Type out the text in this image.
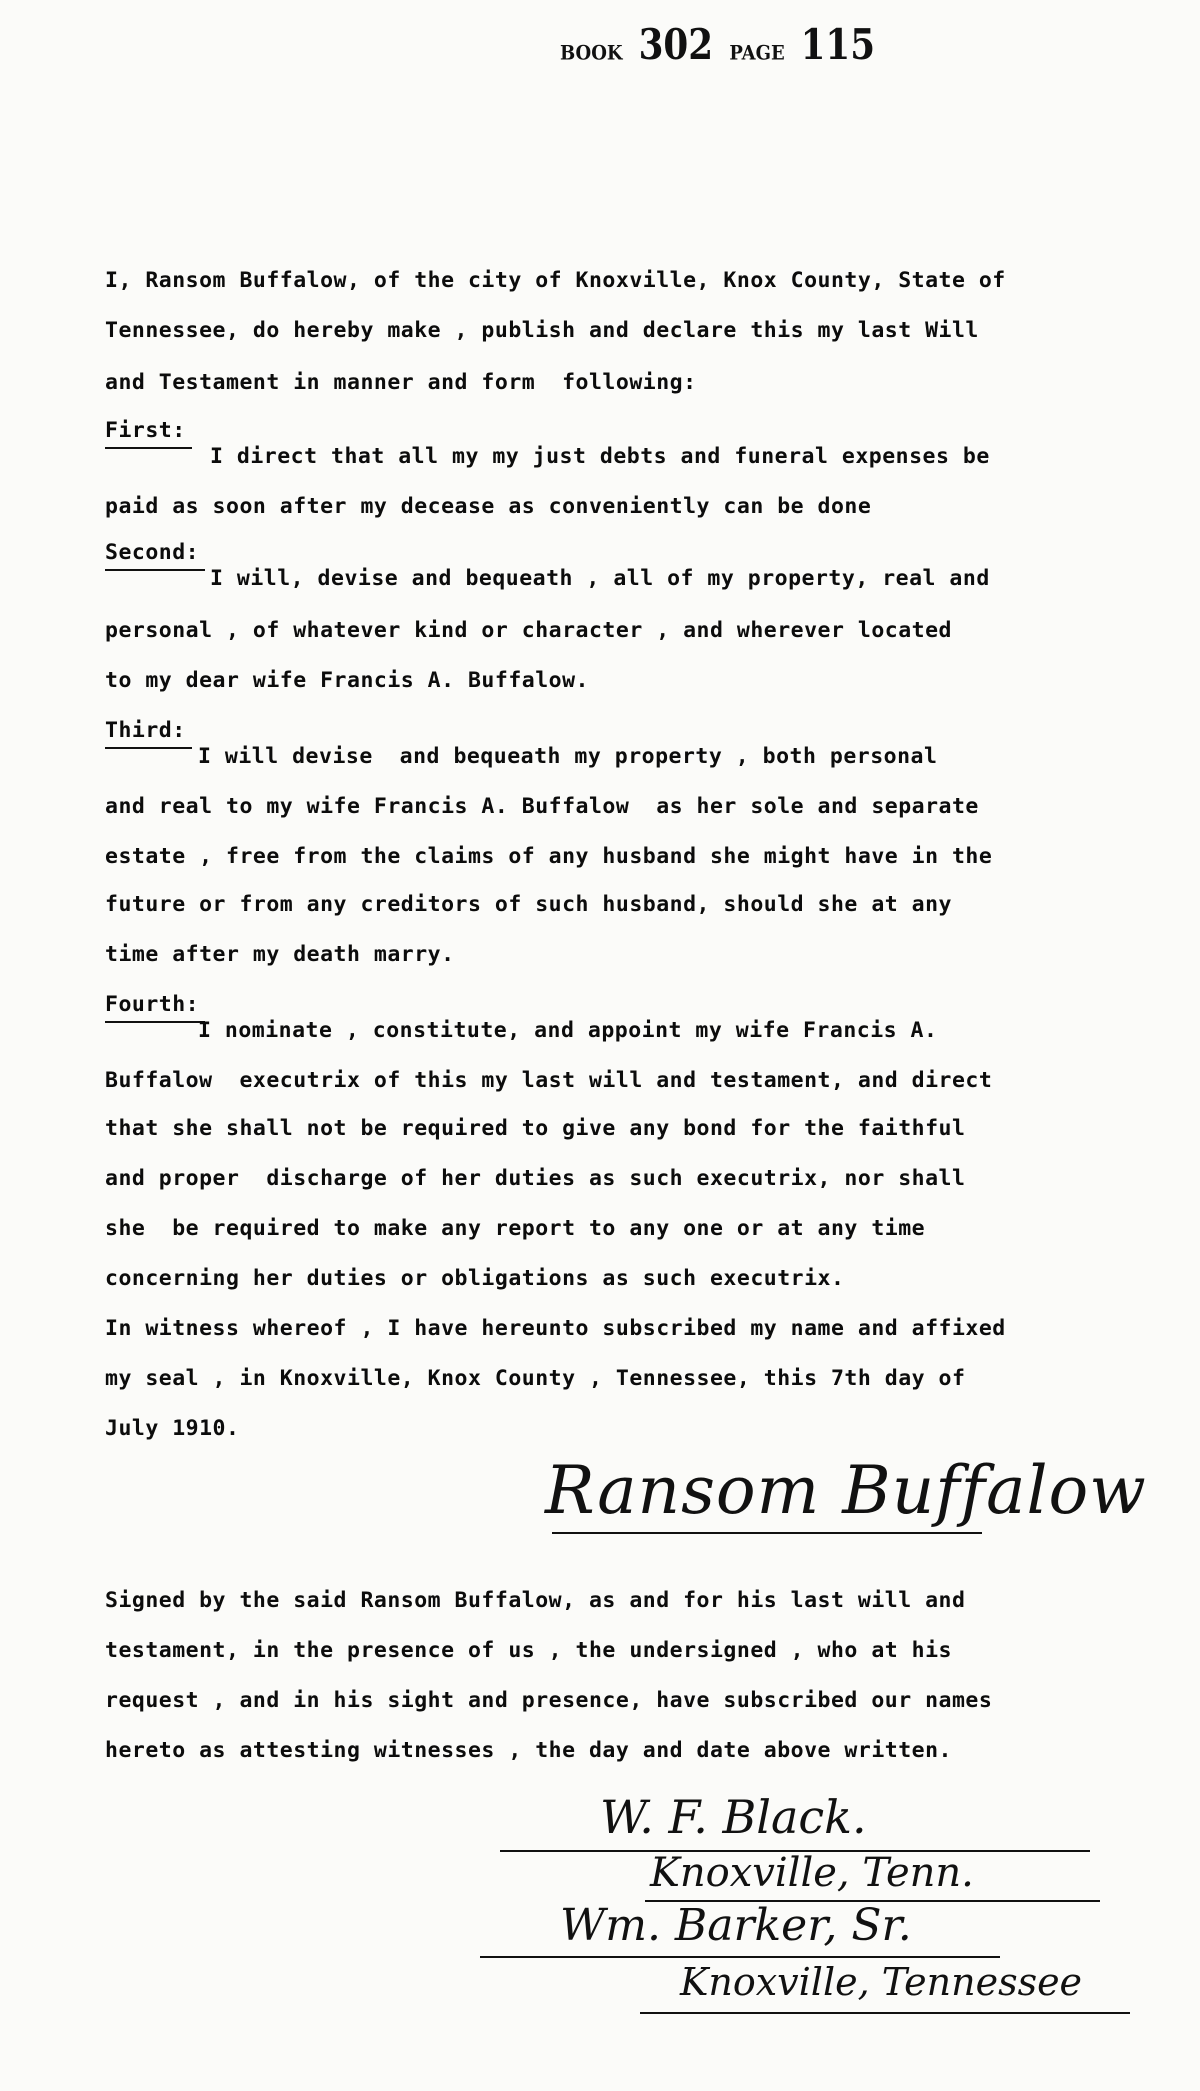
BOOK 302 PAGE 115
I, Ransom Buffalow, of the city of Knoxville, Knox County, State of
Tennessee, do hereby make , publish and declare this my last Will
and Testament in manner and form  following:
First:
I direct that all my my just debts and funeral expenses be
paid as soon after my decease as conveniently can be done
Second:
I will, devise and bequeath , all of my property, real and
personal , of whatever kind or character , and wherever located
to my dear wife Francis A. Buffalow.
Third:
I will devise  and bequeath my property , both personal
and real to my wife Francis A. Buffalow  as her sole and separate
estate , free from the claims of any husband she might have in the
future or from any creditors of such husband, should she at any
time after my death marry.
Fourth:
I nominate , constitute, and appoint my wife Francis A.
Buffalow  executrix of this my last will and testament, and direct
that she shall not be required to give any bond for the faithful
and proper  discharge of her duties as such executrix, nor shall
she  be required to make any report to any one or at any time
concerning her duties or obligations as such executrix.
In witness whereof , I have hereunto subscribed my name and affixed
my seal , in Knoxville, Knox County , Tennessee, this 7th day of
July 1910.
Signed by the said Ransom Buffalow, as and for his last will and
testament, in the presence of us , the undersigned , who at his
request , and in his sight and presence, have subscribed our names
hereto as attesting witnesses , the day and date above written.
Ransom Buffalow
W. F. Black.
Knoxville, Tenn.
Wm. Barker, Sr.
Knoxville, Tennessee
